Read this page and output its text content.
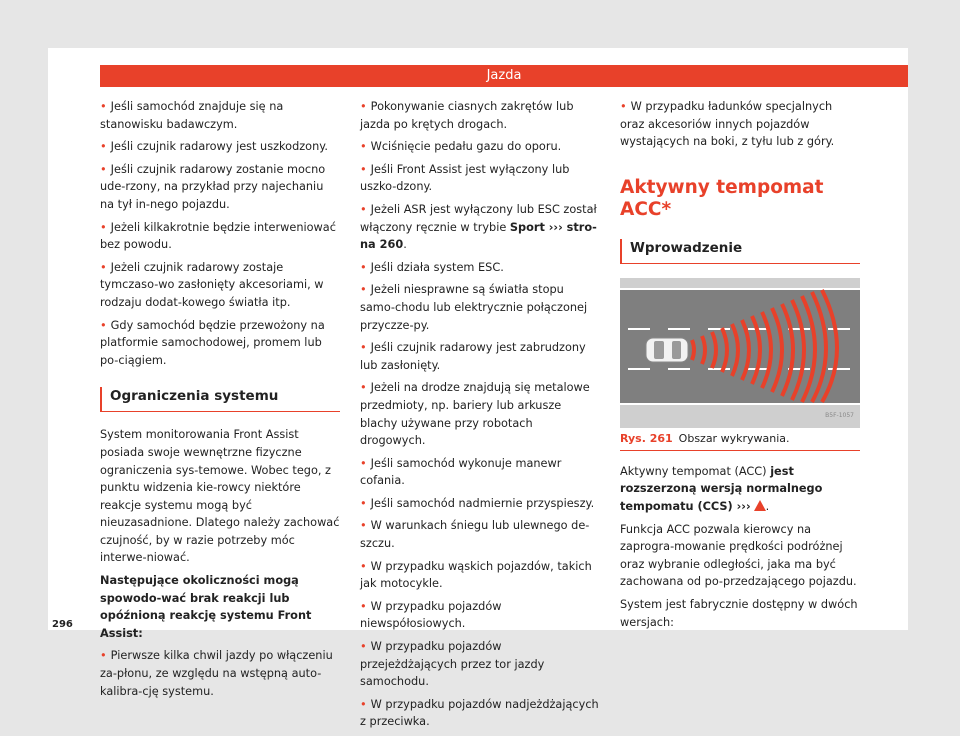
Jazda

• Jeśli samochód znajduje się na stanowisku badawczym.

• Jeśli czujnik radarowy jest uszkodzony.

• Jeśli czujnik radarowy zostanie mocno ude-rzony, na przykład przy najechaniu na tył in-nego pojazdu.

• Jeżeli kilkakrotnie będzie interweniować bez powodu.

• Jeżeli czujnik radarowy zostaje tymczaso-wo zasłonięty akcesoriami, w rodzaju dodat-kowego światła itp.

• Gdy samochód będzie przewożony na platformie samochodowej, promem lub po-ciągiem.

Ograniczenia systemu

System monitorowania Front Assist posiada swoje wewnętrzne fizyczne ograniczenia sys-temowe. Wobec tego, z punktu widzenia kie-rowcy niektóre reakcje systemu mogą być nieuzasadnione. Dlatego należy zachować czujność, by w razie potrzeby móc interwe-niować.

Następujące okoliczności mogą spowodo-wać brak reakcji lub opóźnioną reakcję systemu Front Assist:

• Pierwsze kilka chwil jazdy po włączeniu za-płonu, ze względu na wstępną auto-kalibra-cję systemu.

• Pokonywanie ciasnych zakrętów lub jazda po krętych drogach.

• Wciśnięcie pedału gazu do oporu.

• Jeśli Front Assist jest wyłączony lub uszko-dzony.

• Jeżeli ASR jest wyłączony lub ESC został włączony ręcznie w trybie Sport ››› stro-na 260.

• Jeśli działa system ESC.

• Jeżeli niesprawne są światła stopu samo-chodu lub elektrycznie połączonej przyczze-py.

• Jeśli czujnik radarowy jest zabrudzony lub zasłonięty.

• Jeżeli na drodze znajdują się metalowe przedmioty, np. bariery lub arkusze blachy używane przy robotach drogowych.

• Jeśli samochód wykonuje manewr cofania.

• Jeśli samochód nadmiernie przyspieszy.

• W warunkach śniegu lub ulewnego de-szczu.

• W przypadku wąskich pojazdów, takich jak motocykle.

• W przypadku pojazdów niewspółosiowych.

• W przypadku pojazdów przejeżdżających przez tor jazdy samochodu.

• W przypadku pojazdów nadjeżdżających z przeciwka.

• W przypadku ładunków specjalnych oraz akcesoriów innych pojazdów wystających na boki, z tyłu lub z góry.

Aktywny tempomat ACC*
Wprowadzenie
B5F-1057
Rys. 261 Obszar wykrywania.

Aktywny tempomat (ACC) jest rozszerzoną wersją normalnego tempomatu (CCS) ››› .

Funkcja ACC pozwala kierowcy na zaprogra-mowanie prędkości podróżnej oraz wybranie odległości, jaka ma być zachowana od po-przedzającego pojazdu.

System jest fabrycznie dostępny w dwóch wersjach:

296
